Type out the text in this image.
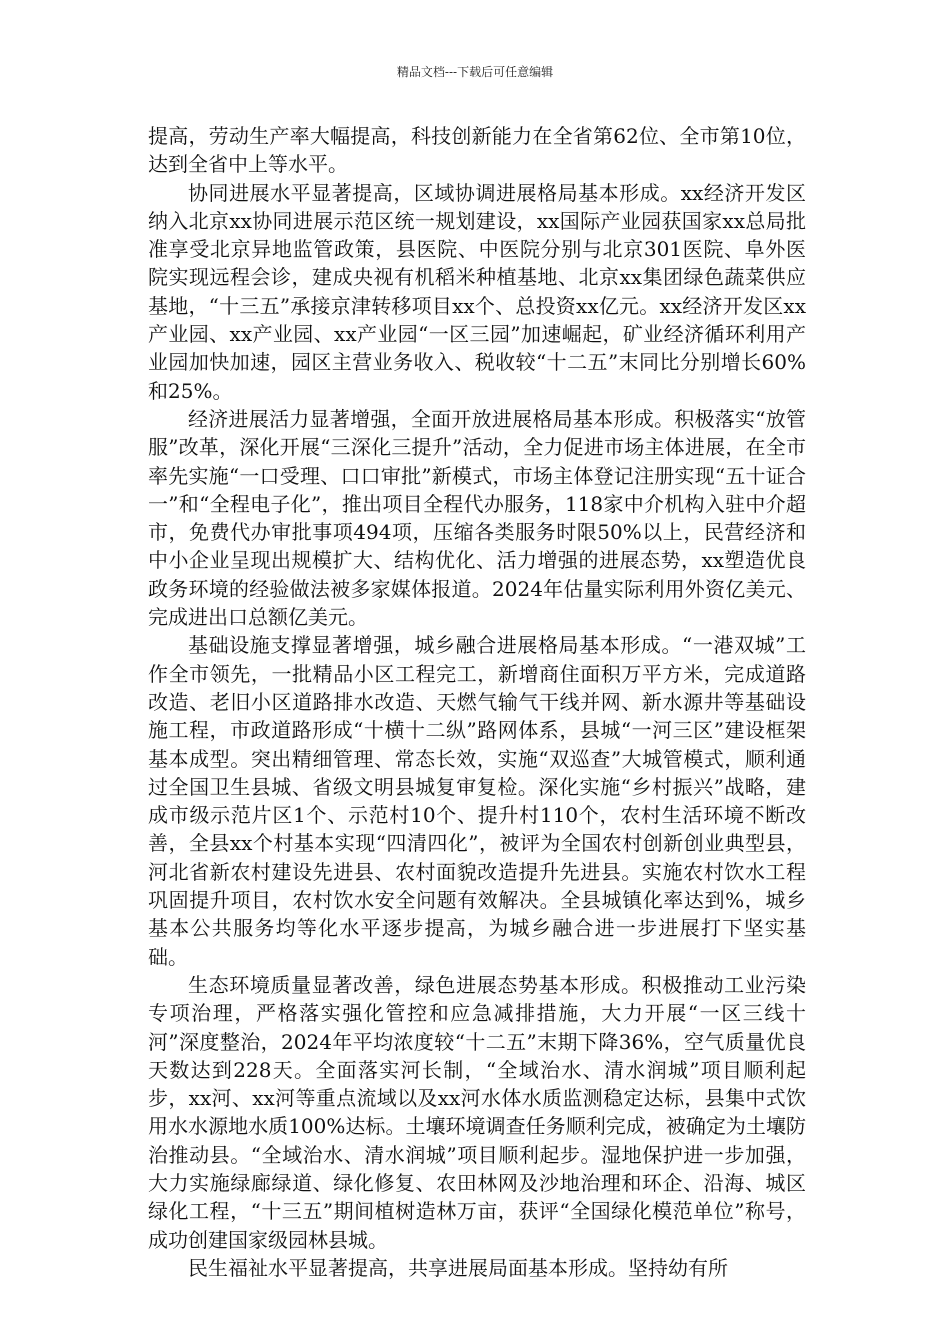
精品文档---下载后可任意编辑

提高，劳动生产率大幅提高，科技创新能力在全省第62位、全市第10位，达到全省中上等水平。

协同进展水平显著提高，区域协调进展格局基本形成。xx经济开发区纳入北京xx协同进展示范区统一规划建设，xx国际产业园获国家xx总局批准享受北京异地监管政策，县医院、中医院分别与北京301医院、阜外医院实现远程会诊，建成央视有机稻米种植基地、北京xx集团绿色蔬菜供应基地，“十三五”承接京津转移项目xx个、总投资xx亿元。xx经济开发区xx产业园、xx产业园、xx产业园“一区三园”加速崛起，矿业经济循环利用产业园加快加速，园区主营业务收入、税收较“十二五”末同比分别增长60%和25%。

经济进展活力显著增强，全面开放进展格局基本形成。积极落实“放管服”改革，深化开展“三深化三提升”活动，全力促进市场主体进展，在全市率先实施“一口受理、口口审批”新模式，市场主体登记注册实现“五十证合一”和“全程电子化”，推出项目全程代办服务，118家中介机构入驻中介超市，免费代办审批事项494项，压缩各类服务时限50%以上，民营经济和中小企业呈现出规模扩大、结构优化、活力增强的进展态势，xx塑造优良政务环境的经验做法被多家媒体报道。2024年估量实际利用外资亿美元、完成进出口总额亿美元。

基础设施支撑显著增强，城乡融合进展格局基本形成。“一港双城”工作全市领先，一批精品小区工程完工，新增商住面积万平方米，完成道路改造、老旧小区道路排水改造、天燃气输气干线并网、新水源井等基础设施工程，市政道路形成“十横十二纵”路网体系，县城“一河三区”建设框架基本成型。突出精细管理、常态长效，实施“双巡查”大城管模式，顺利通过全国卫生县城、省级文明县城复审复检。深化实施“乡村振兴”战略，建成市级示范片区1个、示范村10个、提升村110个，农村生活环境不断改善，全县xx个村基本实现“四清四化”，被评为全国农村创新创业典型县，河北省新农村建设先进县、农村面貌改造提升先进县。实施农村饮水工程巩固提升项目，农村饮水安全问题有效解决。全县城镇化率达到%，城乡基本公共服务均等化水平逐步提高，为城乡融合进一步进展打下坚实基础。

生态环境质量显著改善，绿色进展态势基本形成。积极推动工业污染专项治理，严格落实强化管控和应急减排措施，大力开展“一区三线十河”深度整治，2024年平均浓度较“十二五”末期下降36%，空气质量优良天数达到228天。全面落实河长制，“全域治水、清水润城”项目顺利起步，xx河、xx河等重点流域以及xx河水体水质监测稳定达标，县集中式饮用水水源地水质100%达标。土壤环境调查任务顺利完成，被确定为土壤防治推动县。“全域治水、清水润城”项目顺利起步。湿地保护进一步加强，大力实施绿廊绿道、绿化修复、农田林网及沙地治理和环企、沿海、城区绿化工程，“十三五”期间植树造林万亩，获评“全国绿化模范单位”称号，成功创建国家级园林县城。

民生福祉水平显著提高，共享进展局面基本形成。坚持幼有所
